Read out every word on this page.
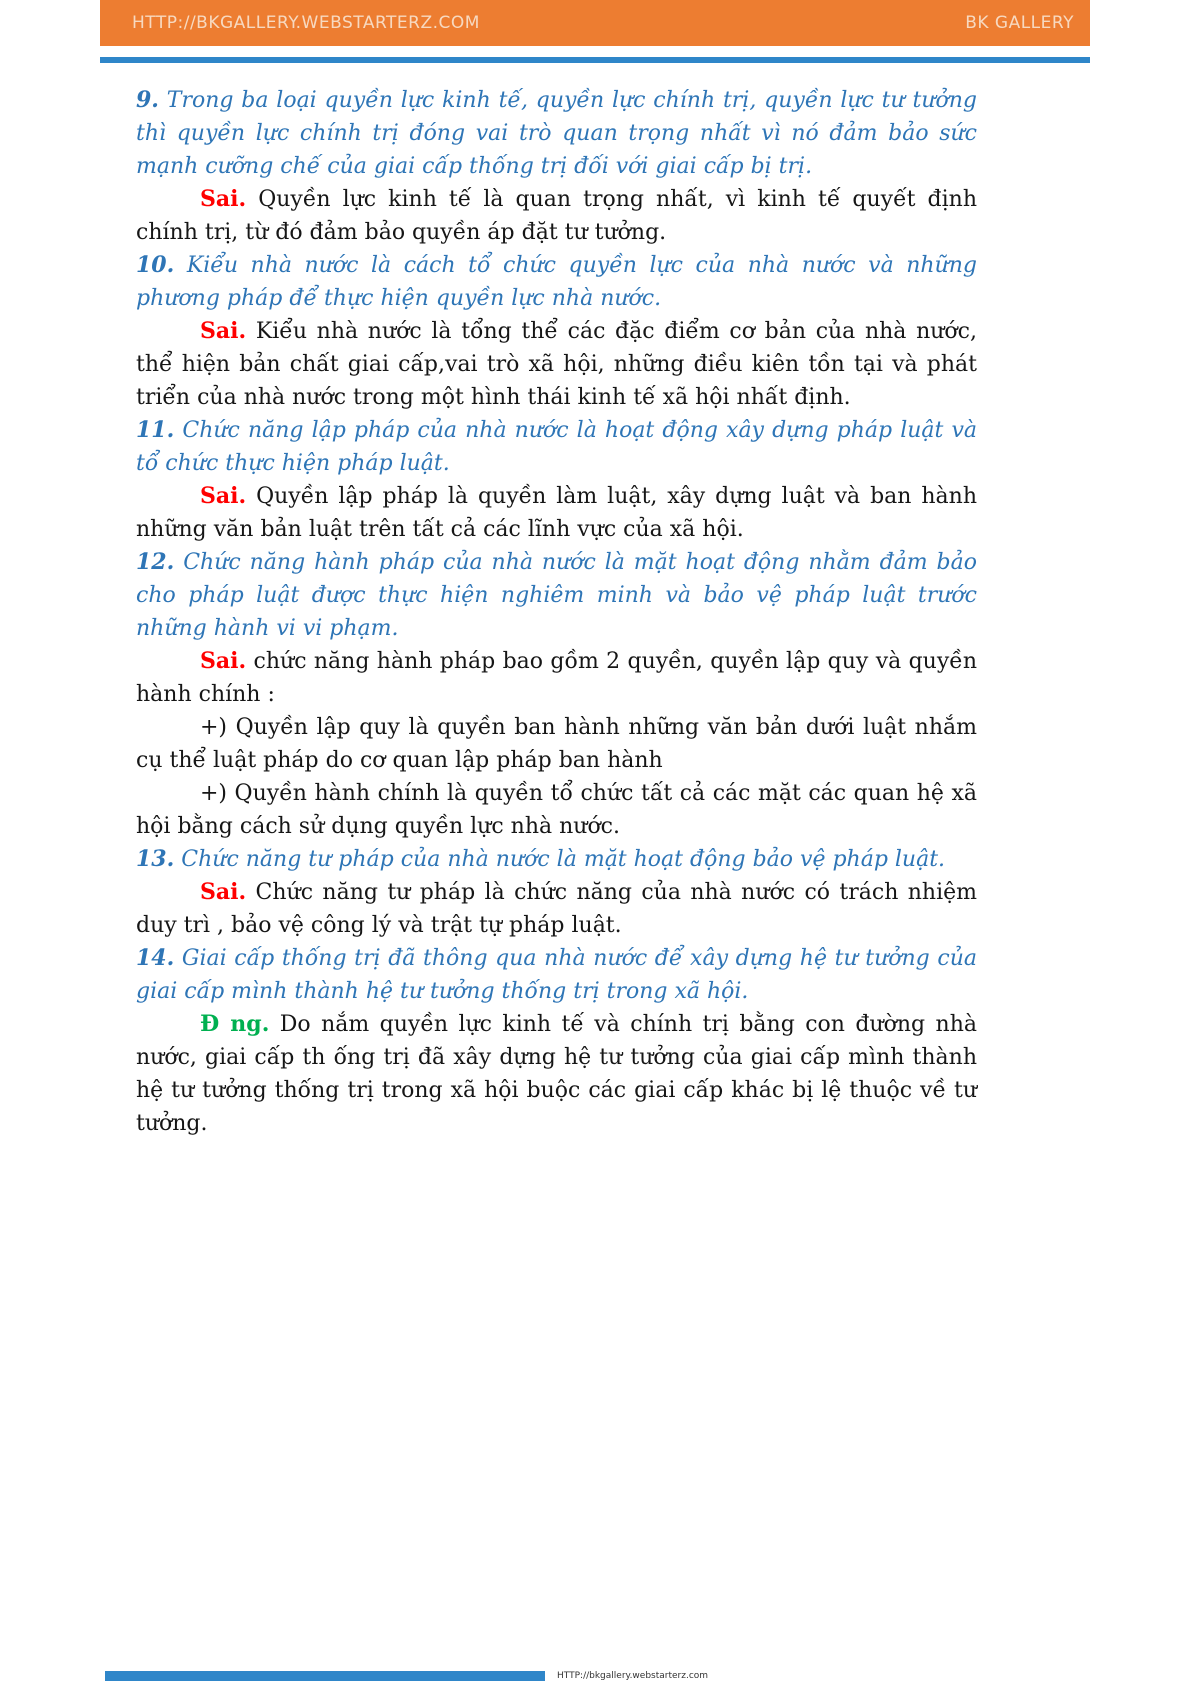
HTTP://BKGALLERY.WEBSTARTERZ.COM	BK GALLERY

9. Trong ba loại quyền lực kinh tế, quyền lực chính trị, quyền lực tư tưởng thì quyền lực chính trị đóng vai trò quan trọng nhất vì nó đảm bảo sức mạnh cưỡng chế của giai cấp thống trị đối với giai cấp bị trị.

Sai. Quyền lực kinh tế là quan trọng nhất, vì kinh tế quyết định chính trị, từ đó đảm bảo quyền áp đặt tư tưởng.

10. Kiểu nhà nước là cách tổ chức quyền lực của nhà nước và những phương pháp để thực hiện quyền lực nhà nước.

Sai. Kiểu nhà nước là tổng thể các đặc điểm cơ bản của nhà nước, thể hiện bản chất giai cấp,vai trò xã hội, những điều kiên tồn tại và phát triển của nhà nước trong một hình thái kinh tế xã hội nhất định.

11. Chức năng lập pháp của nhà nước là hoạt động xây dựng pháp luật và tổ chức thực hiện pháp luật.

Sai. Quyền lập pháp là quyền làm luật, xây dựng luật và ban hành những văn bản luật trên tất cả các lĩnh vực của xã hội.

12. Chức năng hành pháp của nhà nước là mặt hoạt động nhằm đảm bảo cho pháp luật được thực hiện nghiêm minh và bảo vệ pháp luật trước những hành vi vi phạm.

Sai. chức năng hành pháp bao gồm 2 quyền, quyền lập quy và quyền hành chính :

+) Quyền lập quy là quyền ban hành những văn bản dưới luật nhắm cụ thể luật pháp do cơ quan lập pháp ban hành

+) Quyền hành chính là quyền tổ chức tất cả các mặt các quan hệ xã hội bằng cách sử dụng quyền lực nhà nước.

13. Chức năng tư pháp của nhà nước là mặt hoạt động bảo vệ pháp luật.

Sai. Chức năng tư pháp là chức năng của nhà nước có trách nhiệm duy trì , bảo vệ công lý và trật tự pháp luật.

14. Giai cấp thống trị đã thông qua nhà nước để xây dựng hệ tư tưởng của giai cấp mình thành hệ tư tưởng thống trị trong xã hội.

Đ ng. Do nắm quyền lực kinh tế và chính trị bằng con đường nhà nước, giai cấp th ống trị đã xây dựng hệ tư tưởng của giai cấp mình thành hệ tư tưởng thống trị trong xã hội buộc các giai cấp khác bị lệ thuộc về tư tưởng.

HTTP://bkgallery.webstarterz.com
